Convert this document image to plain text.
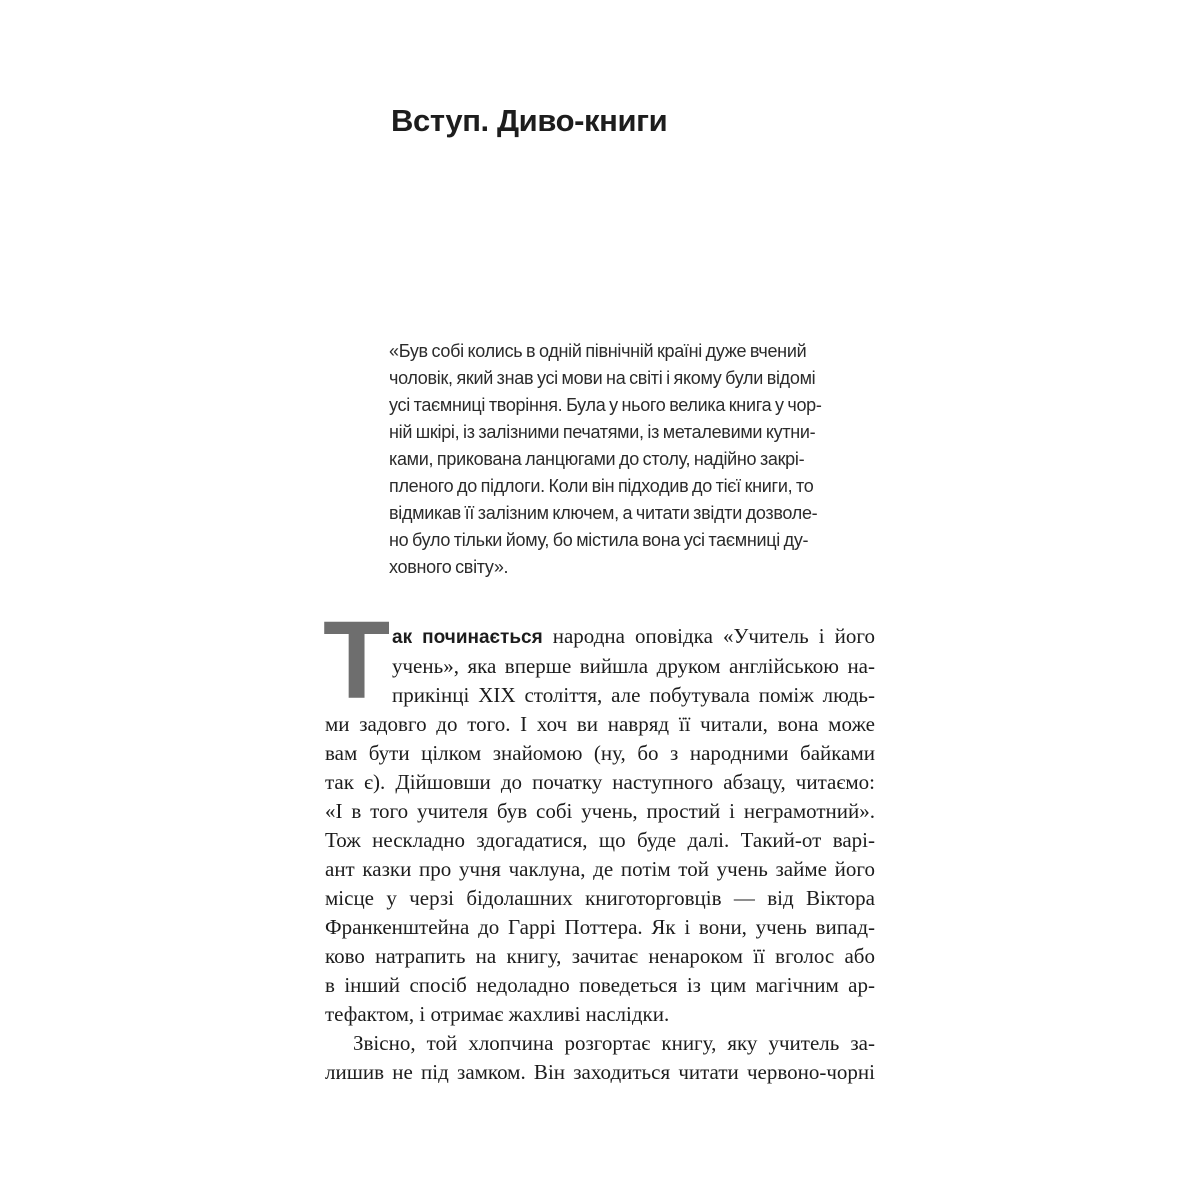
Вступ. Диво-книги
«Був собі колись в одній північній країні дуже вчений
чоловік, який знав усі мови на світі і якому були відомі
усі таємниці творіння. Була у нього велика книга у чор-
ній шкірі, із залізними печатями, із металевими кутни-
ками, прикована ланцюгами до столу, надійно закрі-
пленого до підлоги. Коли він підходив до тієї книги, то
відмикав її залізним ключем, а читати звідти дозволе-
но було тільки йому, бо містила вона усі таємниці ду-
ховного світу».
Т ак починається народна оповідка «Учитель і його
учень», яка вперше вийшла друком англійською на-
прикінці XIX століття, але побутувала поміж людь-
ми задовго до того. І хоч ви навряд її читали, вона може
вам бути цілком знайомою (ну, бо з народними байками
так є). Дійшовши до початку наступного абзацу, читаємо:
«І в того учителя був собі учень, простий і неграмотний».
Тож нескладно здогадатися, що буде далі. Такий-от варі-
ант казки про учня чаклуна, де потім той учень займе його
місце у черзі бідолашних книготорговців — від Віктора
Франкенштейна до Гаррі Поттера. Як і вони, учень випад-
ково натрапить на книгу, зачитає ненароком її вголос або
в інший спосіб недоладно поведеться із цим магічним ар-
тефактом, і отримає жахливі наслідки.
Звісно, той хлопчина розгортає книгу, яку учитель за-
лишив не під замком. Він заходиться читати червоно-чорні
